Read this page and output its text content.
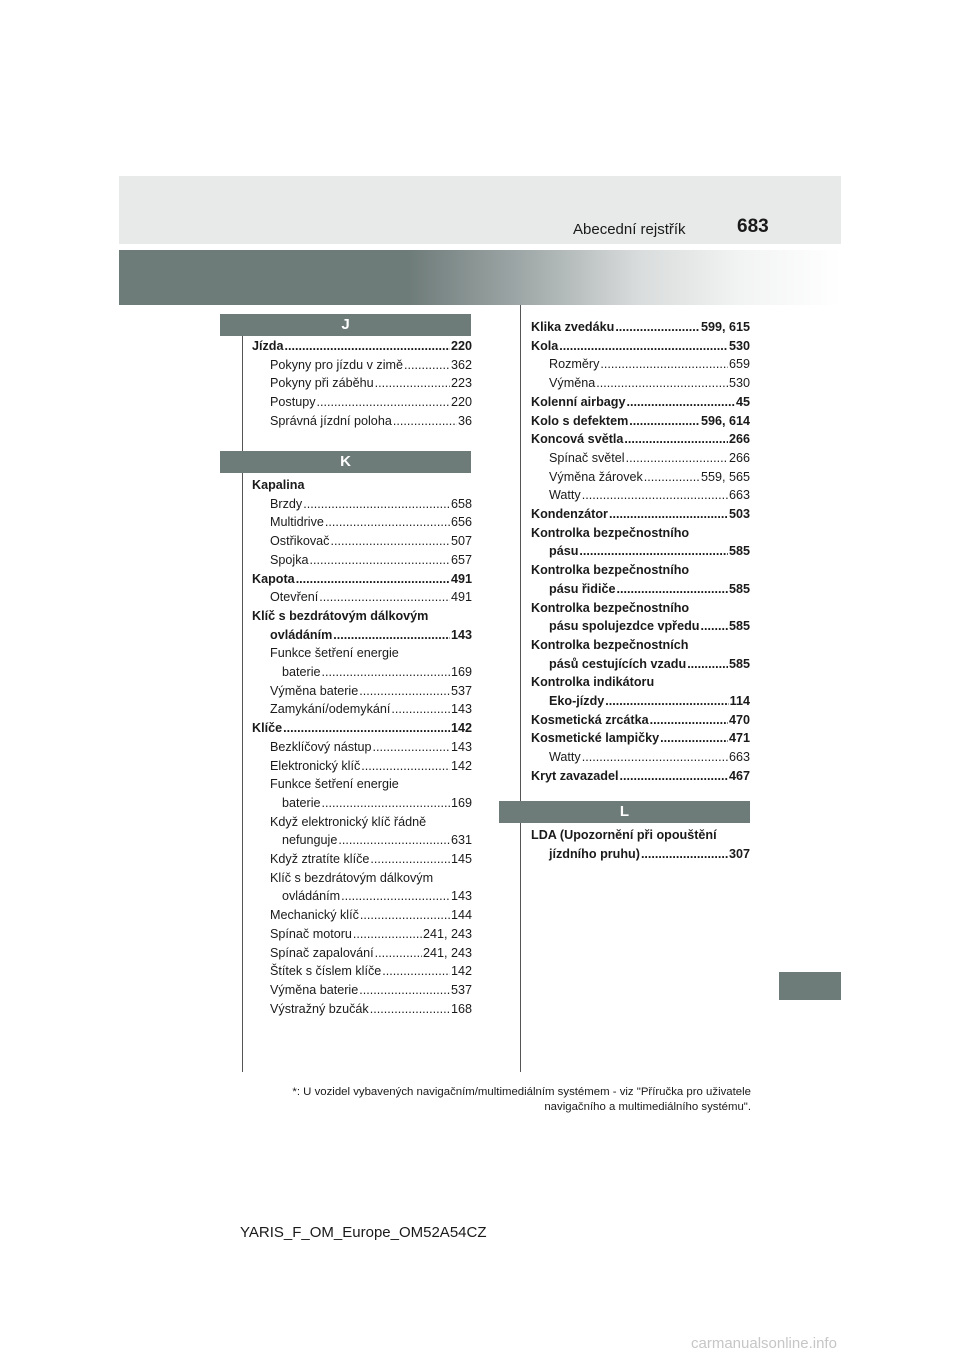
Abecední rejstřík	683
J
Jízda .....	220
Pokyny pro jízdu v zimě .....	362
Pokyny při záběhu .....	223
Postupy .....	220
Správná jízdní poloha .....	36
K
Kapalina
Brzdy .....	658
Multidrive .....	656
Ostřikovač .....	507
Spojka .....	657
Kapota .....	491
Otevření .....	491
Klíč s bezdrátovým dálkovým
ovládáním .....	143
Funkce šetření energie
baterie .....	169
Výměna baterie .....	537
Zamykání/odemykání .....	143
Klíče .....	142
Bezklíčový nástup .....	143
Elektronický klíč .....	142
Funkce šetření energie
baterie .....	169
Když elektronický klíč řádně
nefunguje .....	631
Když ztratíte klíče .....	145
Klíč s bezdrátovým dálkovým
ovládáním .....	143
Mechanický klíč .....	144
Spínač motoru .....	241, 243
Spínač zapalování .....	241, 243
Štítek s číslem klíče .....	142
Výměna baterie .....	537
Výstražný bzučák .....	168
Klika zvedáku .....	599, 615
Kola .....	530
Rozměry .....	659
Výměna .....	530
Kolenní airbagy .....	45
Kolo s defektem .....	596, 614
Koncová světla .....	266
Spínač světel .....	266
Výměna žárovek .....	559, 565
Watty .....	663
Kondenzátor .....	503
Kontrolka bezpečnostního
pásu .....	585
Kontrolka bezpečnostního
pásu řidiče .....	585
Kontrolka bezpečnostního
pásu spolujezdce vpředu ..... 585
Kontrolka bezpečnostních
pásů cestujících vzadu .....	585
Kontrolka indikátoru
Eko-jízdy .....	114
Kosmetická zrcátka .....	470
Kosmetické lampičky .....	471
Watty .....	663
Kryt zavazadel .....	467
L
LDA (Upozornění při opouštění
jízdního pruhu) .....	307
*: U vozidel vybavených navigačním/multimediálním systémem - viz "Příručka pro uživatele
navigačního a multimediálního systému".
YARIS_F_OM_Europe_OM52A54CZ
carmanualsonline.info
